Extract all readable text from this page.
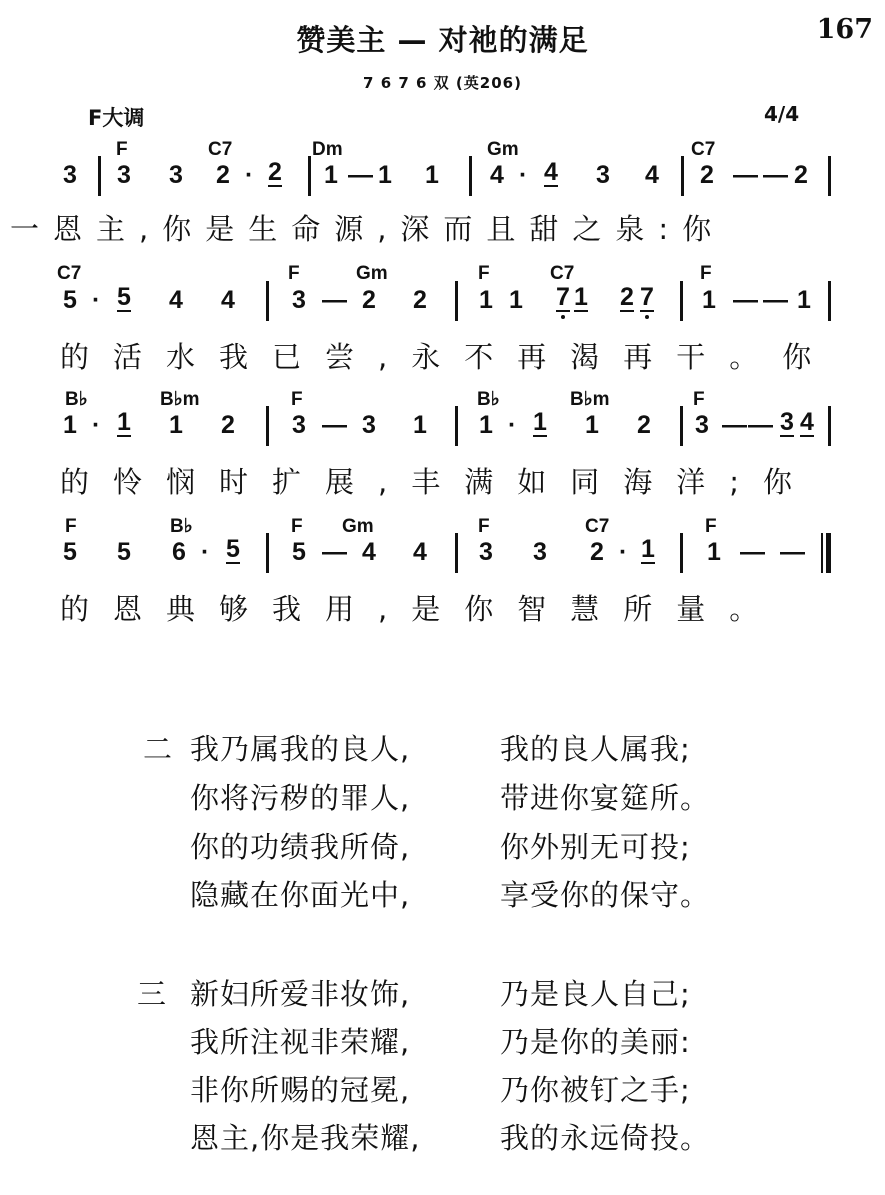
赞美主 — 对祂的满足	167
7 6 7 6 双 (英206)
F大调	4/4
F	C7	Dm	Gm	C7
3 3 3 2 · 2 1 — 1 1 4 · 4 3 4 2 — — 2
一恩主,你是生命源,深而且甜之泉:你
C7	F	Gm	F	C7	F
5 · 5 4 4 3 — 2 2 1 1 7 1 2 7 1 — — 1
的活水我已尝,永不再渴再干。你
B♭	B♭m	F	B♭	B♭m	F
1 · 1 1 2 3 — 3 1 1 · 1 1 2 3 — — 3 4
的怜悯时扩展,丰满如同海洋;你
F	B♭	F Gm	F	C7	F
5 5 6 · 5 5 — 4 4 3 3 2 · 1 1 — —
的恩典够我用,是你智慧所量。
二 我乃属我的良人,	我的良人属我;
你将污秽的罪人,	带进你宴筵所。
你的功绩我所倚,	你外别无可投;
隐藏在你面光中,	享受你的保守。
三 新妇所爱非妆饰,	乃是良人自己;
我所注视非荣耀,	乃是你的美丽:
非你所赐的冠冕,	乃你被钉之手;
恩主,你是我荣耀,	我的永远倚投。
